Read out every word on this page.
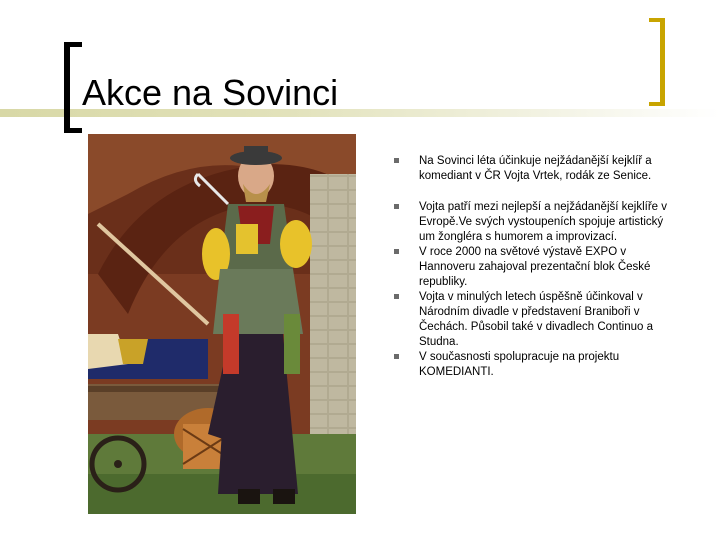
Akce na Sovinci
Na Sovinci léta účinkuje nejžádanější kejklíř a komediant v ČR Vojta Vrtek, rodák ze Senice.
Vojta patří mezi nejlepší a nejžádanější kejklíře v Evropě.Ve svých vystoupeních spojuje artistický um žongléra s humorem a improvizací.
V roce 2000 na světové výstavě EXPO v Hannoveru zahajoval prezentační blok České republiky.
Vojta v minulých letech úspěšně účinkoval v Národním divadle v představení Braniboři v Čechách. Působil také v divadlech Continuo a Studna.
V současnosti spolupracuje na projektu KOMEDIANTI.
